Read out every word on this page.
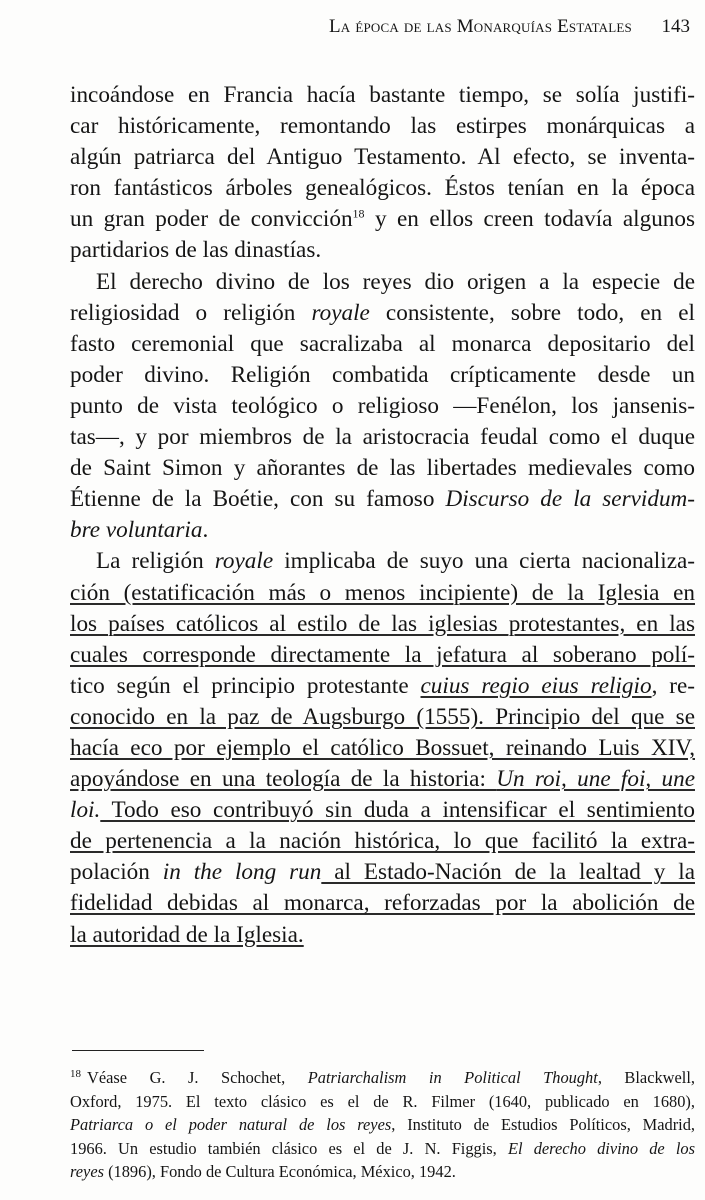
La época de las Monarquías Estatales 143

incoándose en Francia hacía bastante tiempo, se solía justifi-
car históricamente, remontando las estirpes monárquicas a
algún patriarca del Antiguo Testamento. Al efecto, se inventa-
ron fantásticos árboles genealógicos. Éstos tenían en la época
un gran poder de convicción$^{18}$ y en ellos creen todavía algunos
partidarios de las dinastías.

El derecho divino de los reyes dio origen a la especie de
religiosidad o religión royale consistente, sobre todo, en el
fasto ceremonial que sacralizaba al monarca depositario del
poder divino. Religión combatida crípticamente desde un
punto de vista teológico o religioso —Fenélon, los jansenis-
tas—, y por miembros de la aristocracia feudal como el duque
de Saint Simon y añorantes de las libertades medievales como
Étienne de la Boétie, con su famoso Discurso de la servidum-
bre voluntaria.

La religión royale implicaba de suyo una cierta nacionaliza-
ción (estatificación más o menos incipiente) de la Iglesia en
los países católicos al estilo de las iglesias protestantes, en las
cuales corresponde directamente la jefatura al soberano polí-
tico según el principio protestante cuius regio eius religio, re-
conocido en la paz de Augsburgo (1555). Principio del que se
hacía eco por ejemplo el católico Bossuet, reinando Luis XIV,
apoyándose en una teología de la historia: Un roi, une foi, une
loi. Todo eso contribuyó sin duda a intensificar el sentimiento
de pertenencia a la nación histórica, lo que facilitó la extra-
polación in the long run al Estado-Nación de la lealtad y la
fidelidad debidas al monarca, reforzadas por la abolición de
la autoridad de la Iglesia.

$^{18}$ Véase G. J. Schochet, Patriarchalism in Political Thought, Blackwell,
Oxford, 1975. El texto clásico es el de R. Filmer (1640, publicado en 1680),
Patriarca o el poder natural de los reyes, Instituto de Estudios Políticos, Madrid,
1966. Un estudio también clásico es el de J. N. Figgis, El derecho divino de los
reyes (1896), Fondo de Cultura Económica, México, 1942.
